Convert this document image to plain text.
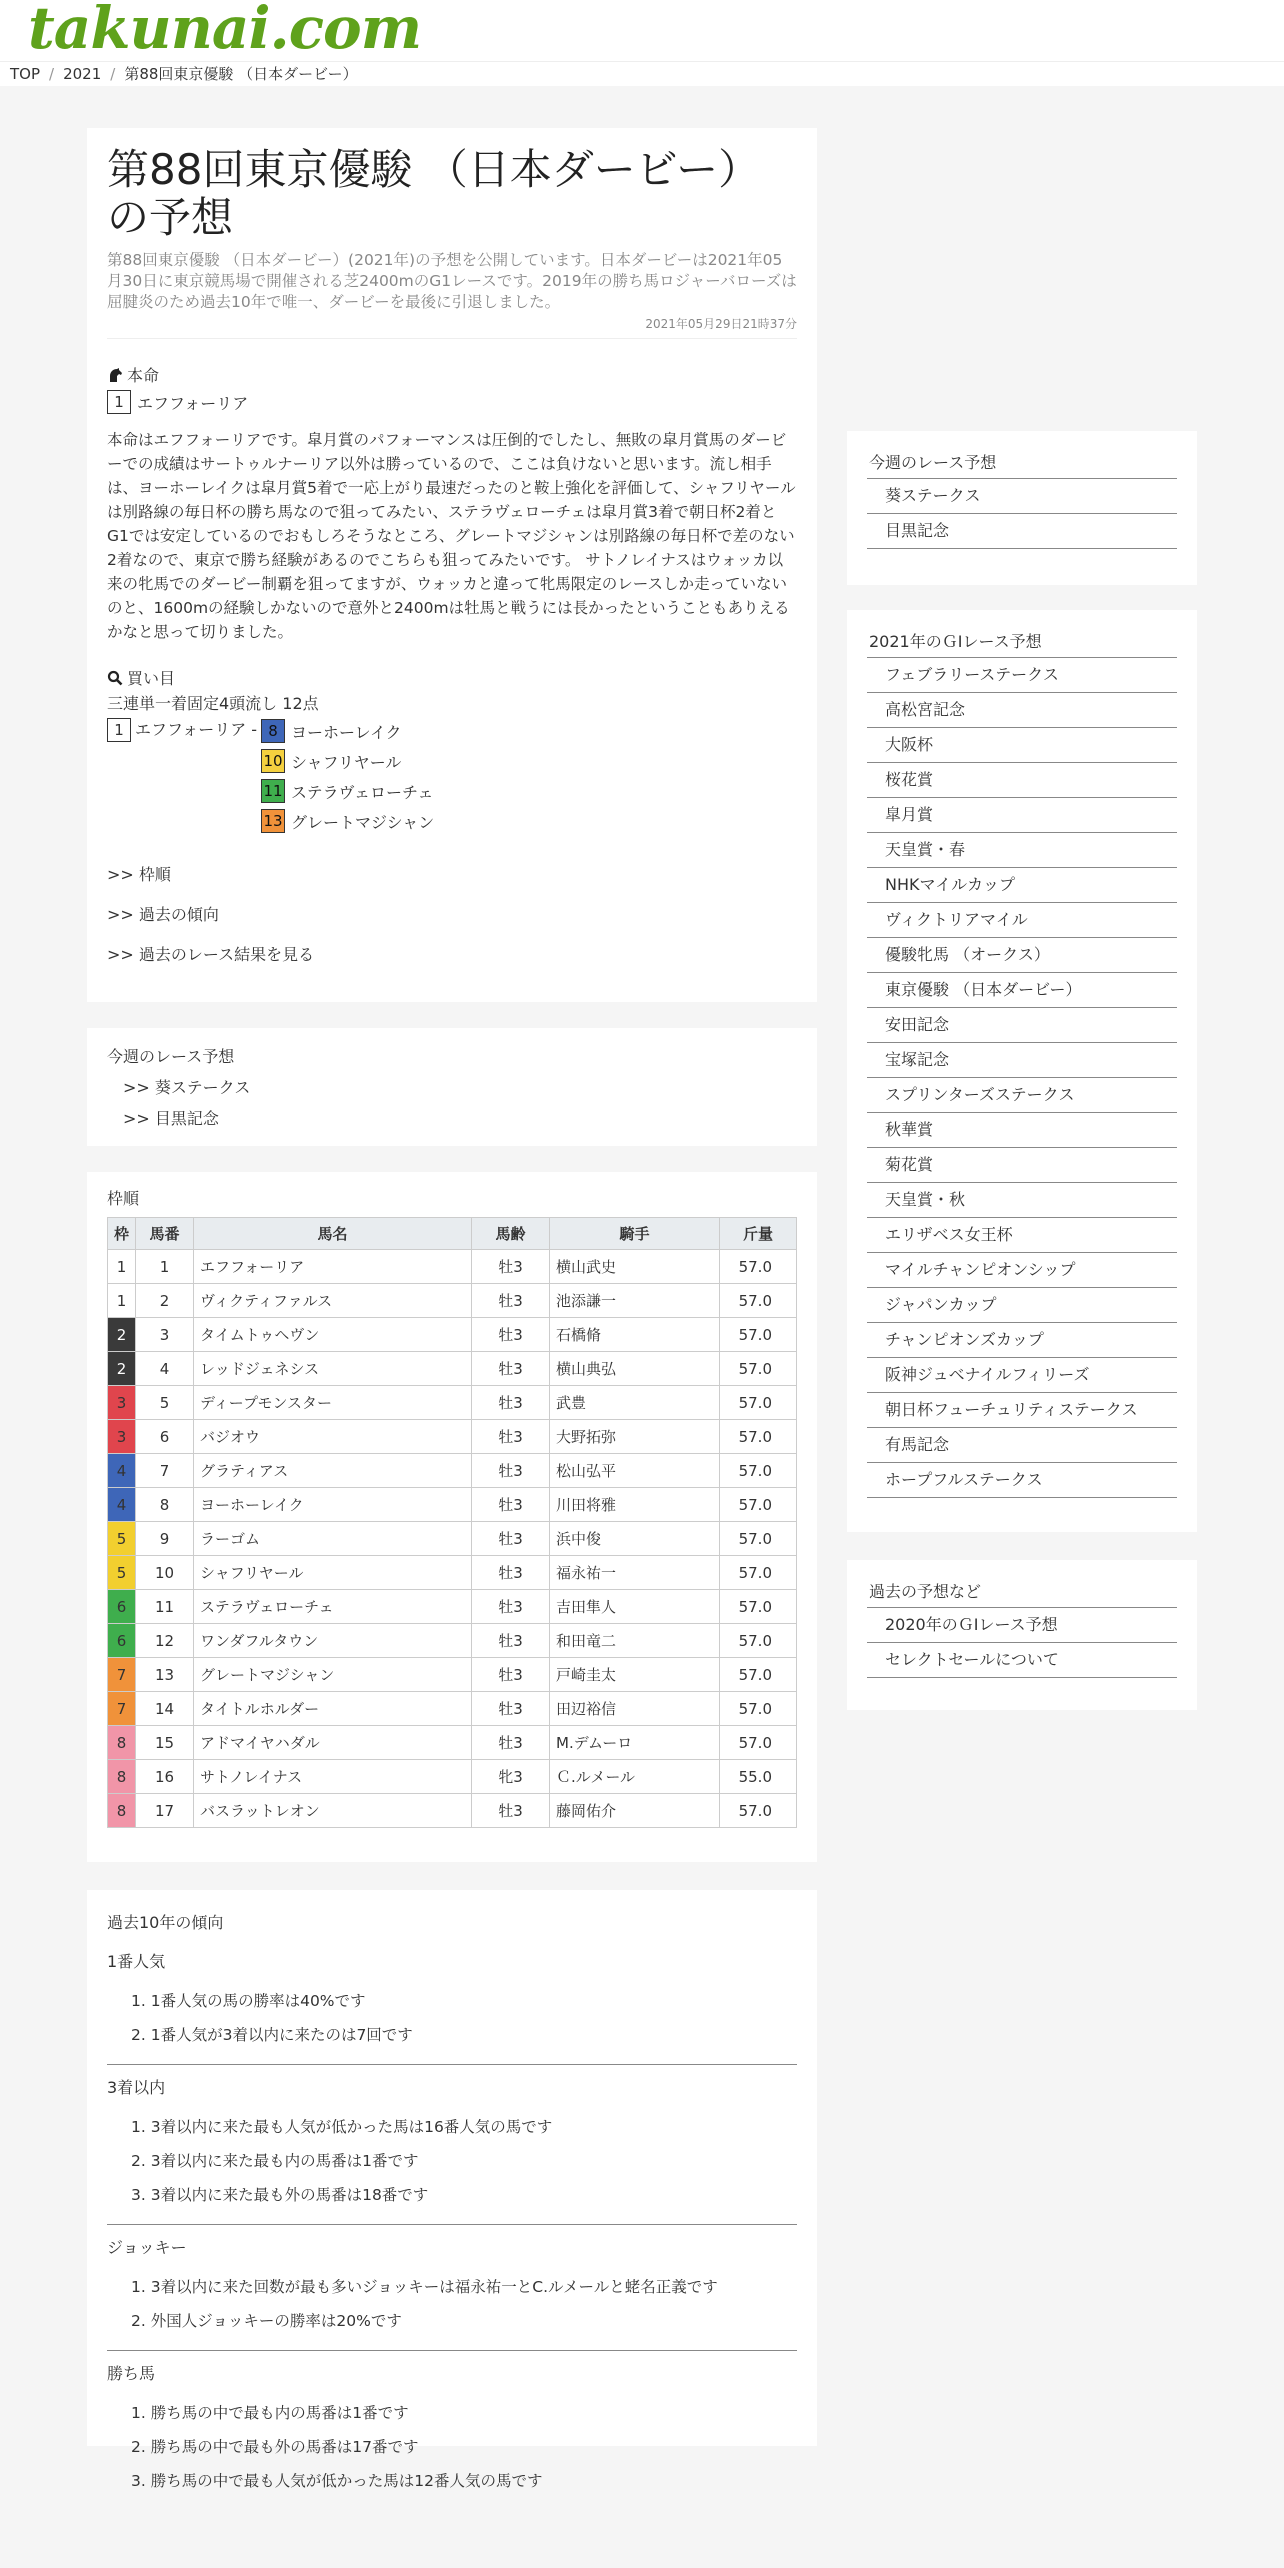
takunai.com
TOP / 2021 / 第88回東京優駿 （日本ダービー）
第88回東京優駿 （日本ダービー）の予想

第88回東京優駿 （日本ダービー）(2021年)の予想を公開しています。日本ダービーは2021年05月30日に東京競馬場で開催される芝2400mのG1レースです。2019年の勝ち馬ロジャーバローズは屈腱炎のため過去10年で唯一、ダービーを最後に引退しました。

2021年05月29日21時37分
本命
1 エフフォーリア

本命はエフフォーリアです。皐月賞のパフォーマンスは圧倒的でしたし、無敗の皐月賞馬のダービーでの成績はサートゥルナーリア以外は勝っているので、ここは負けないと思います。流し相手は、ヨーホーレイクは皐月賞5着で一応上がり最速だったのと鞍上強化を評価して、シャフリヤールは別路線の毎日杯の勝ち馬なので狙ってみたい、ステラヴェローチェは皐月賞3着で朝日杯2着とG1では安定しているのでおもしろそうなところ、グレートマジシャンは別路線の毎日杯で差のない2着なので、東京で勝ち経験があるのでこちらも狙ってみたいです。 サトノレイナスはウォッカ以来の牝馬でのダービー制覇を狙ってますが、ウォッカと違って牝馬限定のレースしか走っていないのと、1600mの経験しかないので意外と2400mは牡馬と戦うには長かったということもありえるかなと思って切りました。

買い目
三連単一着固定4頭流し 12点
1 エフフォーリア - 8 ヨーホーレイク
10 シャフリヤール
11 ステラヴェローチェ
13 グレートマジシャン
>> 枠順
>> 過去の傾向
>> 過去のレース結果を見る
今週のレース予想
>> 葵ステークス
>> 目黒記念
枠順
枠	馬番	馬名	馬齢	騎手	斤量
1	1	エフフォーリア	牡3	横山武史	57.0
1	2	ヴィクティファルス	牡3	池添謙一	57.0
2	3	タイムトゥヘヴン	牡3	石橋脩	57.0
2	4	レッドジェネシス	牡3	横山典弘	57.0
3	5	ディープモンスター	牡3	武豊	57.0
3	6	バジオウ	牡3	大野拓弥	57.0
4	7	グラティアス	牡3	松山弘平	57.0
4	8	ヨーホーレイク	牡3	川田将雅	57.0
5	9	ラーゴム	牡3	浜中俊	57.0
5	10	シャフリヤール	牡3	福永祐一	57.0
6	11	ステラヴェローチェ	牡3	吉田隼人	57.0
6	12	ワンダフルタウン	牡3	和田竜二	57.0
7	13	グレートマジシャン	牡3	戸崎圭太	57.0
7	14	タイトルホルダー	牡3	田辺裕信	57.0
8	15	アドマイヤハダル	牡3	M.デムーロ	57.0
8	16	サトノレイナス	牝3	Ｃ.ルメール	55.0
8	17	バスラットレオン	牡3	藤岡佑介	57.0
過去10年の傾向
1番人気
1. 1番人気の馬の勝率は40%です
2. 1番人気が3着以内に来たのは7回です
3着以内
1. 3着以内に来た最も人気が低かった馬は16番人気の馬です
2. 3着以内に来た最も内の馬番は1番です
3. 3着以内に来た最も外の馬番は18番です
ジョッキー
1. 3着以内に来た回数が最も多いジョッキーは福永祐一とC.ルメールと蛯名正義です
2. 外国人ジョッキーの勝率は20%です
勝ち馬
1. 勝ち馬の中で最も内の馬番は1番です
2. 勝ち馬の中で最も外の馬番は17番です
3. 勝ち馬の中で最も人気が低かった馬は12番人気の馬です
今週のレース予想
葵ステークス
目黒記念
2021年のＧⅠレース予想
フェブラリーステークス
高松宮記念
大阪杯
桜花賞
皐月賞
天皇賞・春
NHKマイルカップ
ヴィクトリアマイル
優駿牝馬 （オークス）
東京優駿 （日本ダービー）
安田記念
宝塚記念
スプリンターズステークス
秋華賞
菊花賞
天皇賞・秋
エリザベス女王杯
マイルチャンピオンシップ
ジャパンカップ
チャンピオンズカップ
阪神ジュベナイルフィリーズ
朝日杯フューチュリティステークス
有馬記念
ホープフルステークス
過去の予想など
2020年のＧⅠレース予想
セレクトセールについて
